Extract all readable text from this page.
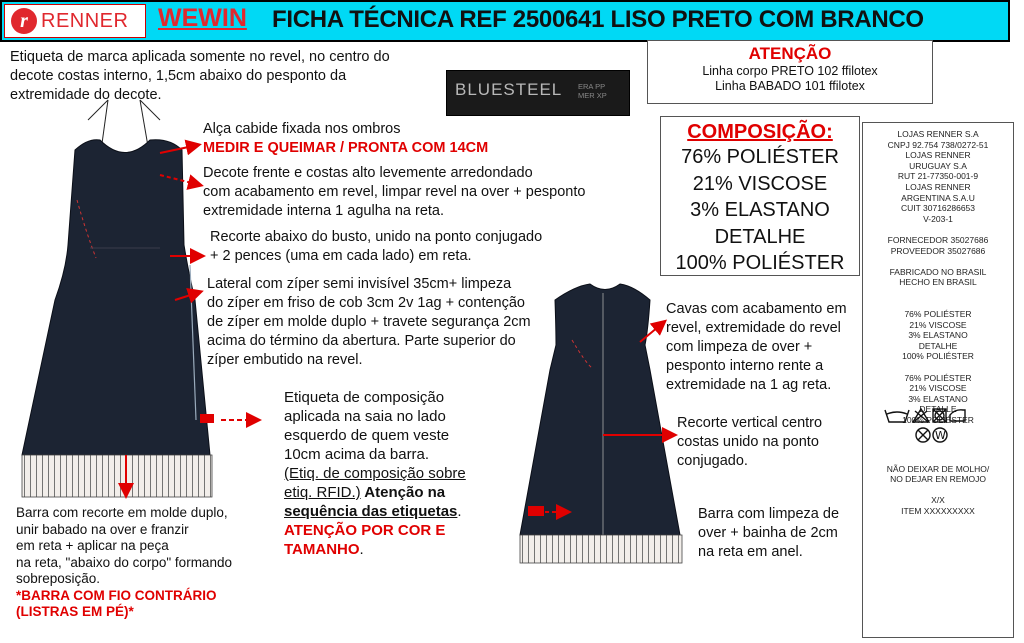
r RENNER WEWIN FICHA TÉCNICA REF 2500641 LISO PRETO COM BRANCO
Etiqueta de marca aplicada somente no revel, no centro do
decote costas interno, 1,5cm abaixo do pesponto da
extremidade do decote.	BLUESTEEL ERA PP
MER XP
ATENÇÃO
Linha corpo PRETO 102 ffilotex
Linha BABADO 101 ffilotex
COMPOSIÇÃO:
76% POLIÉSTER
21% VISCOSE
3% ELASTANO
DETALHE
100% POLIÉSTER
LOJAS RENNER S.A
CNPJ 92.754 738/0272-51
LOJAS RENNER
URUGUAY S.A
RUT 21-77350-001-9
LOJAS RENNER
ARGENTINA S.A.U
CUIT 30716286653
V-203-1
FORNECEDOR 35027686
PROVEEDOR 35027686
FABRICADO NO BRASIL
HECHO EN BRASIL
76% POLIÉSTER
21% VISCOSE
3% ELASTANO
DETALHE
100% POLIÉSTER
76% POLIÉSTER
21% VISCOSE
3% ELASTANO
DETALLE
100% POLIÉSTER
W
NÃO DEIXAR DE MOLHO/
NO DEJAR EN REMOJO
X/X
ITEM XXXXXXXXX
Alça cabide fixada nos ombros
MEDIR E QUEIMAR / PRONTA COM 14CM
Decote frente e costas alto levemente arredondado
com acabamento em revel, limpar revel na over + pesponto
extremidade interna 1 agulha na reta.
Recorte abaixo do busto, unido na ponto conjugado
+ 2 pences (uma em cada lado) em reta.
Lateral com zíper semi invisível 35cm+ limpeza
do zíper em friso de cob 3cm 2v 1ag + contenção
de zíper em molde duplo + travete segurança 2cm
acima do término da abertura. Parte superior do
zíper embutido na revel.
Etiqueta de composição
aplicada na saia no lado
esquerdo de quem veste
10cm acima da barra.
(Etiq. de composição sobre
etiq. RFID.) Atenção na
sequência das etiquetas.
ATENÇÃO POR COR E
TAMANHO.
Barra com recorte em molde duplo,
unir babado na over e franzir
em reta + aplicar na peça
na reta, "abaixo do corpo" formando
sobreposição.
*BARRA COM FIO CONTRÁRIO
(LISTRAS EM PÉ)*
Cavas com acabamento em
revel, extremidade do revel
com limpeza de over +
pesponto interno rente a
extremidade na 1 ag reta.
Recorte vertical centro
costas unido na ponto
conjugado.
Barra com limpeza de
over + bainha de 2cm
na reta em anel.
